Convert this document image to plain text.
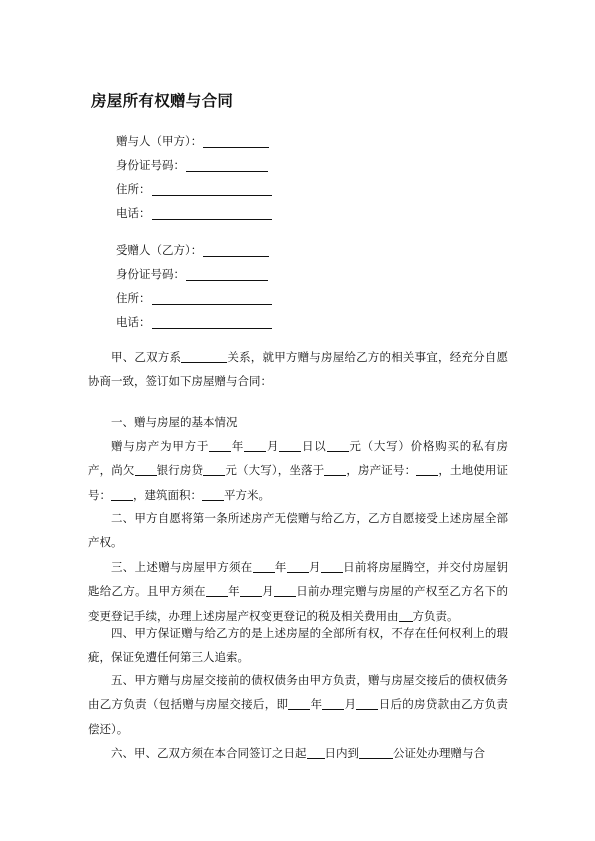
房屋所有权赠与合同
赠与人（甲方）：
身份证号码：
住所：
电话：
受赠人（乙方）：
身份证号码：
住所：
电话：

甲、乙双方系	关系，就甲方赠与房屋给乙方的相关事宜，经充分自愿协商一致，签订如下房屋赠与合同：

一、赠与房屋的基本情况

赠与房产为甲方于 年 月 日以 元（大写）价格购买的私有房产，尚欠 银行房贷 元（大写），坐落于 ，房产证号： ，土地使用证号： ，建筑面积： 平方米。

二、甲方自愿将第一条所述房产无偿赠与给乙方，乙方自愿接受上述房屋全部产权。

三、上述赠与房屋甲方须在 年 月 日前将房屋腾空，并交付房屋钥匙给乙方。且甲方须在 年 月 日前办理完赠与房屋的产权至乙方名下的变更登记手续，办理上述房屋产权变更登记的税及相关费用由 方负责。

四、甲方保证赠与给乙方的是上述房屋的全部所有权，不存在任何权利上的瑕疵，保证免遭任何第三人追索。

五、甲方赠与房屋交接前的债权债务由甲方负责，赠与房屋交接后的债权债务由乙方负责（包括赠与房屋交接后，即 年 月 日后的房贷款由乙方负责偿还）。

六、甲、乙双方须在本合同签订之日起 日内到	公证处办理赠与合
